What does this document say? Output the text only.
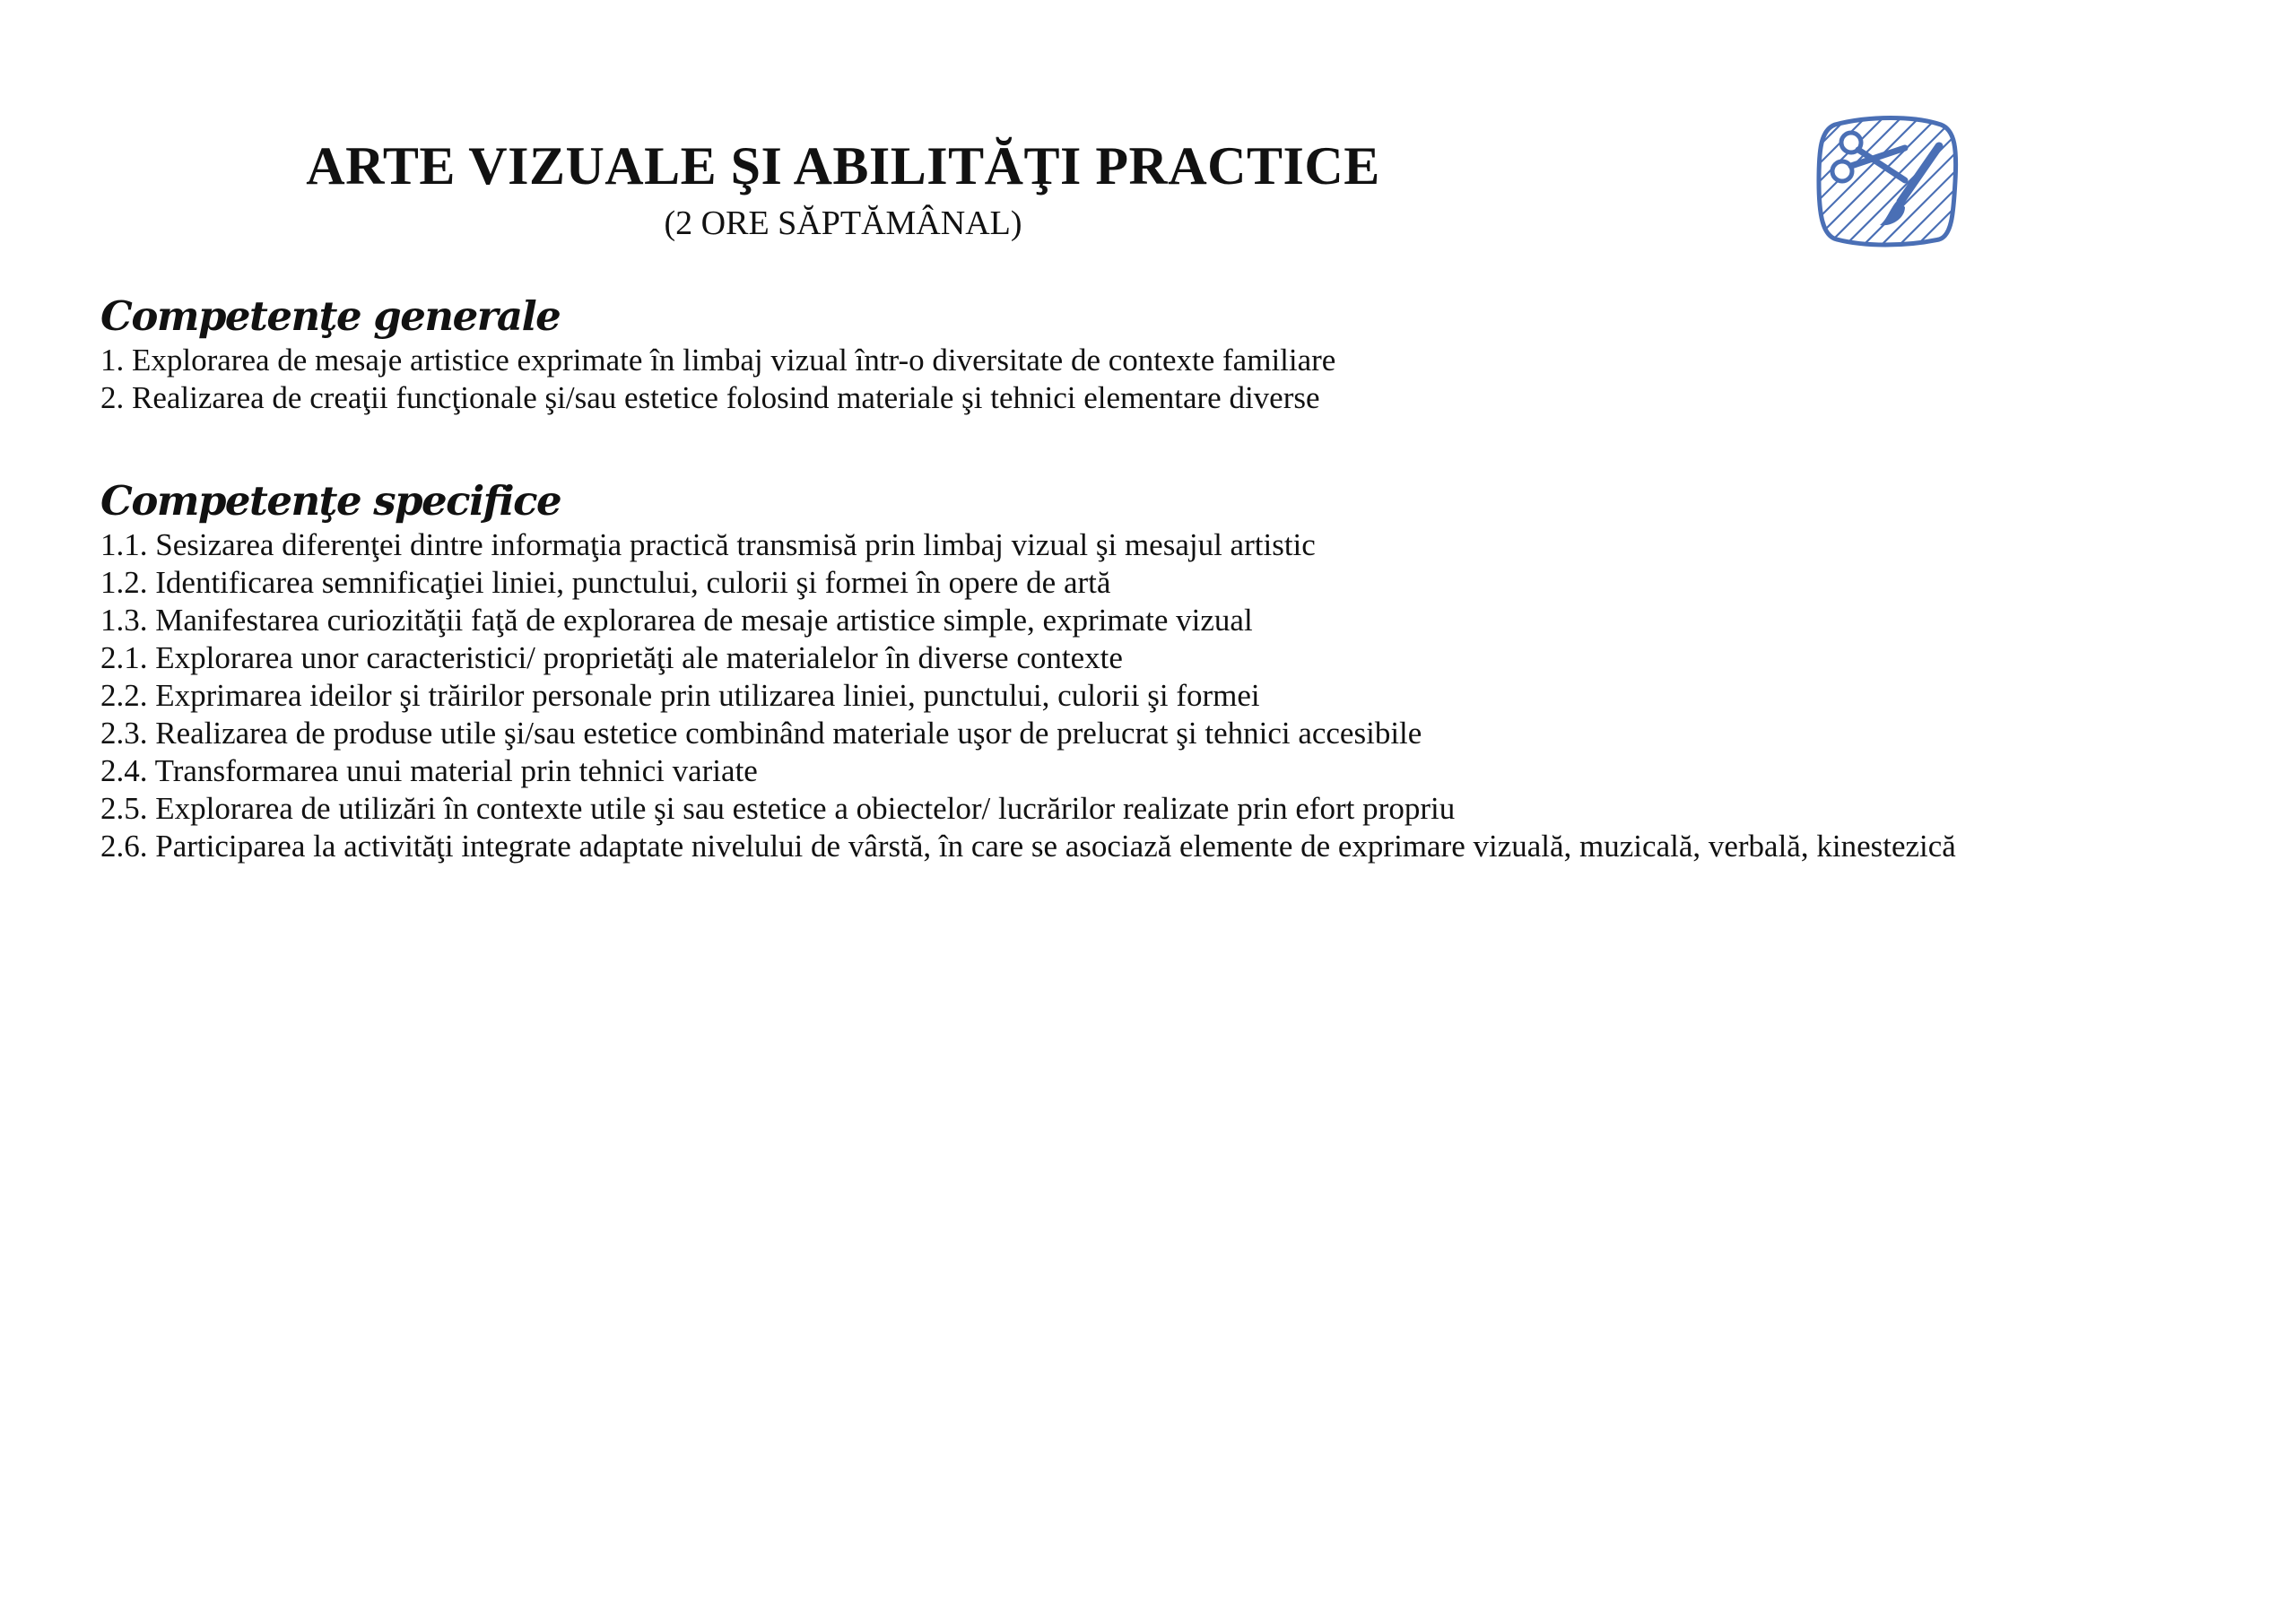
ARTE VIZUALE ŞI ABILITĂŢI PRACTICE
(2 ORE SĂPTĂMÂNAL)
Competenţe generale
1. Explorarea de mesaje artistice exprimate în limbaj vizual într-o diversitate de contexte familiare
2. Realizarea de creaţii funcţionale şi/sau estetice folosind materiale şi tehnici elementare diverse
Competenţe specifice
1.1. Sesizarea diferenţei dintre informaţia practică transmisă prin limbaj vizual şi mesajul artistic
1.2. Identificarea semnificaţiei liniei, punctului, culorii şi formei în opere de artă
1.3. Manifestarea curiozităţii faţă de explorarea de mesaje artistice simple, exprimate vizual
2.1. Explorarea unor caracteristici/ proprietăţi ale materialelor în diverse contexte
2.2. Exprimarea ideilor şi trăirilor personale prin utilizarea liniei, punctului, culorii şi formei
2.3. Realizarea de produse utile şi/sau estetice combinând materiale uşor de prelucrat şi tehnici accesibile
2.4. Transformarea unui material prin tehnici variate
2.5. Explorarea de utilizări în contexte utile şi sau estetice a obiectelor/ lucrărilor realizate prin efort propriu
2.6. Participarea la activităţi integrate adaptate nivelului de vârstă, în care se asociază elemente de exprimare vizuală, muzicală, verbală, kinestezică
